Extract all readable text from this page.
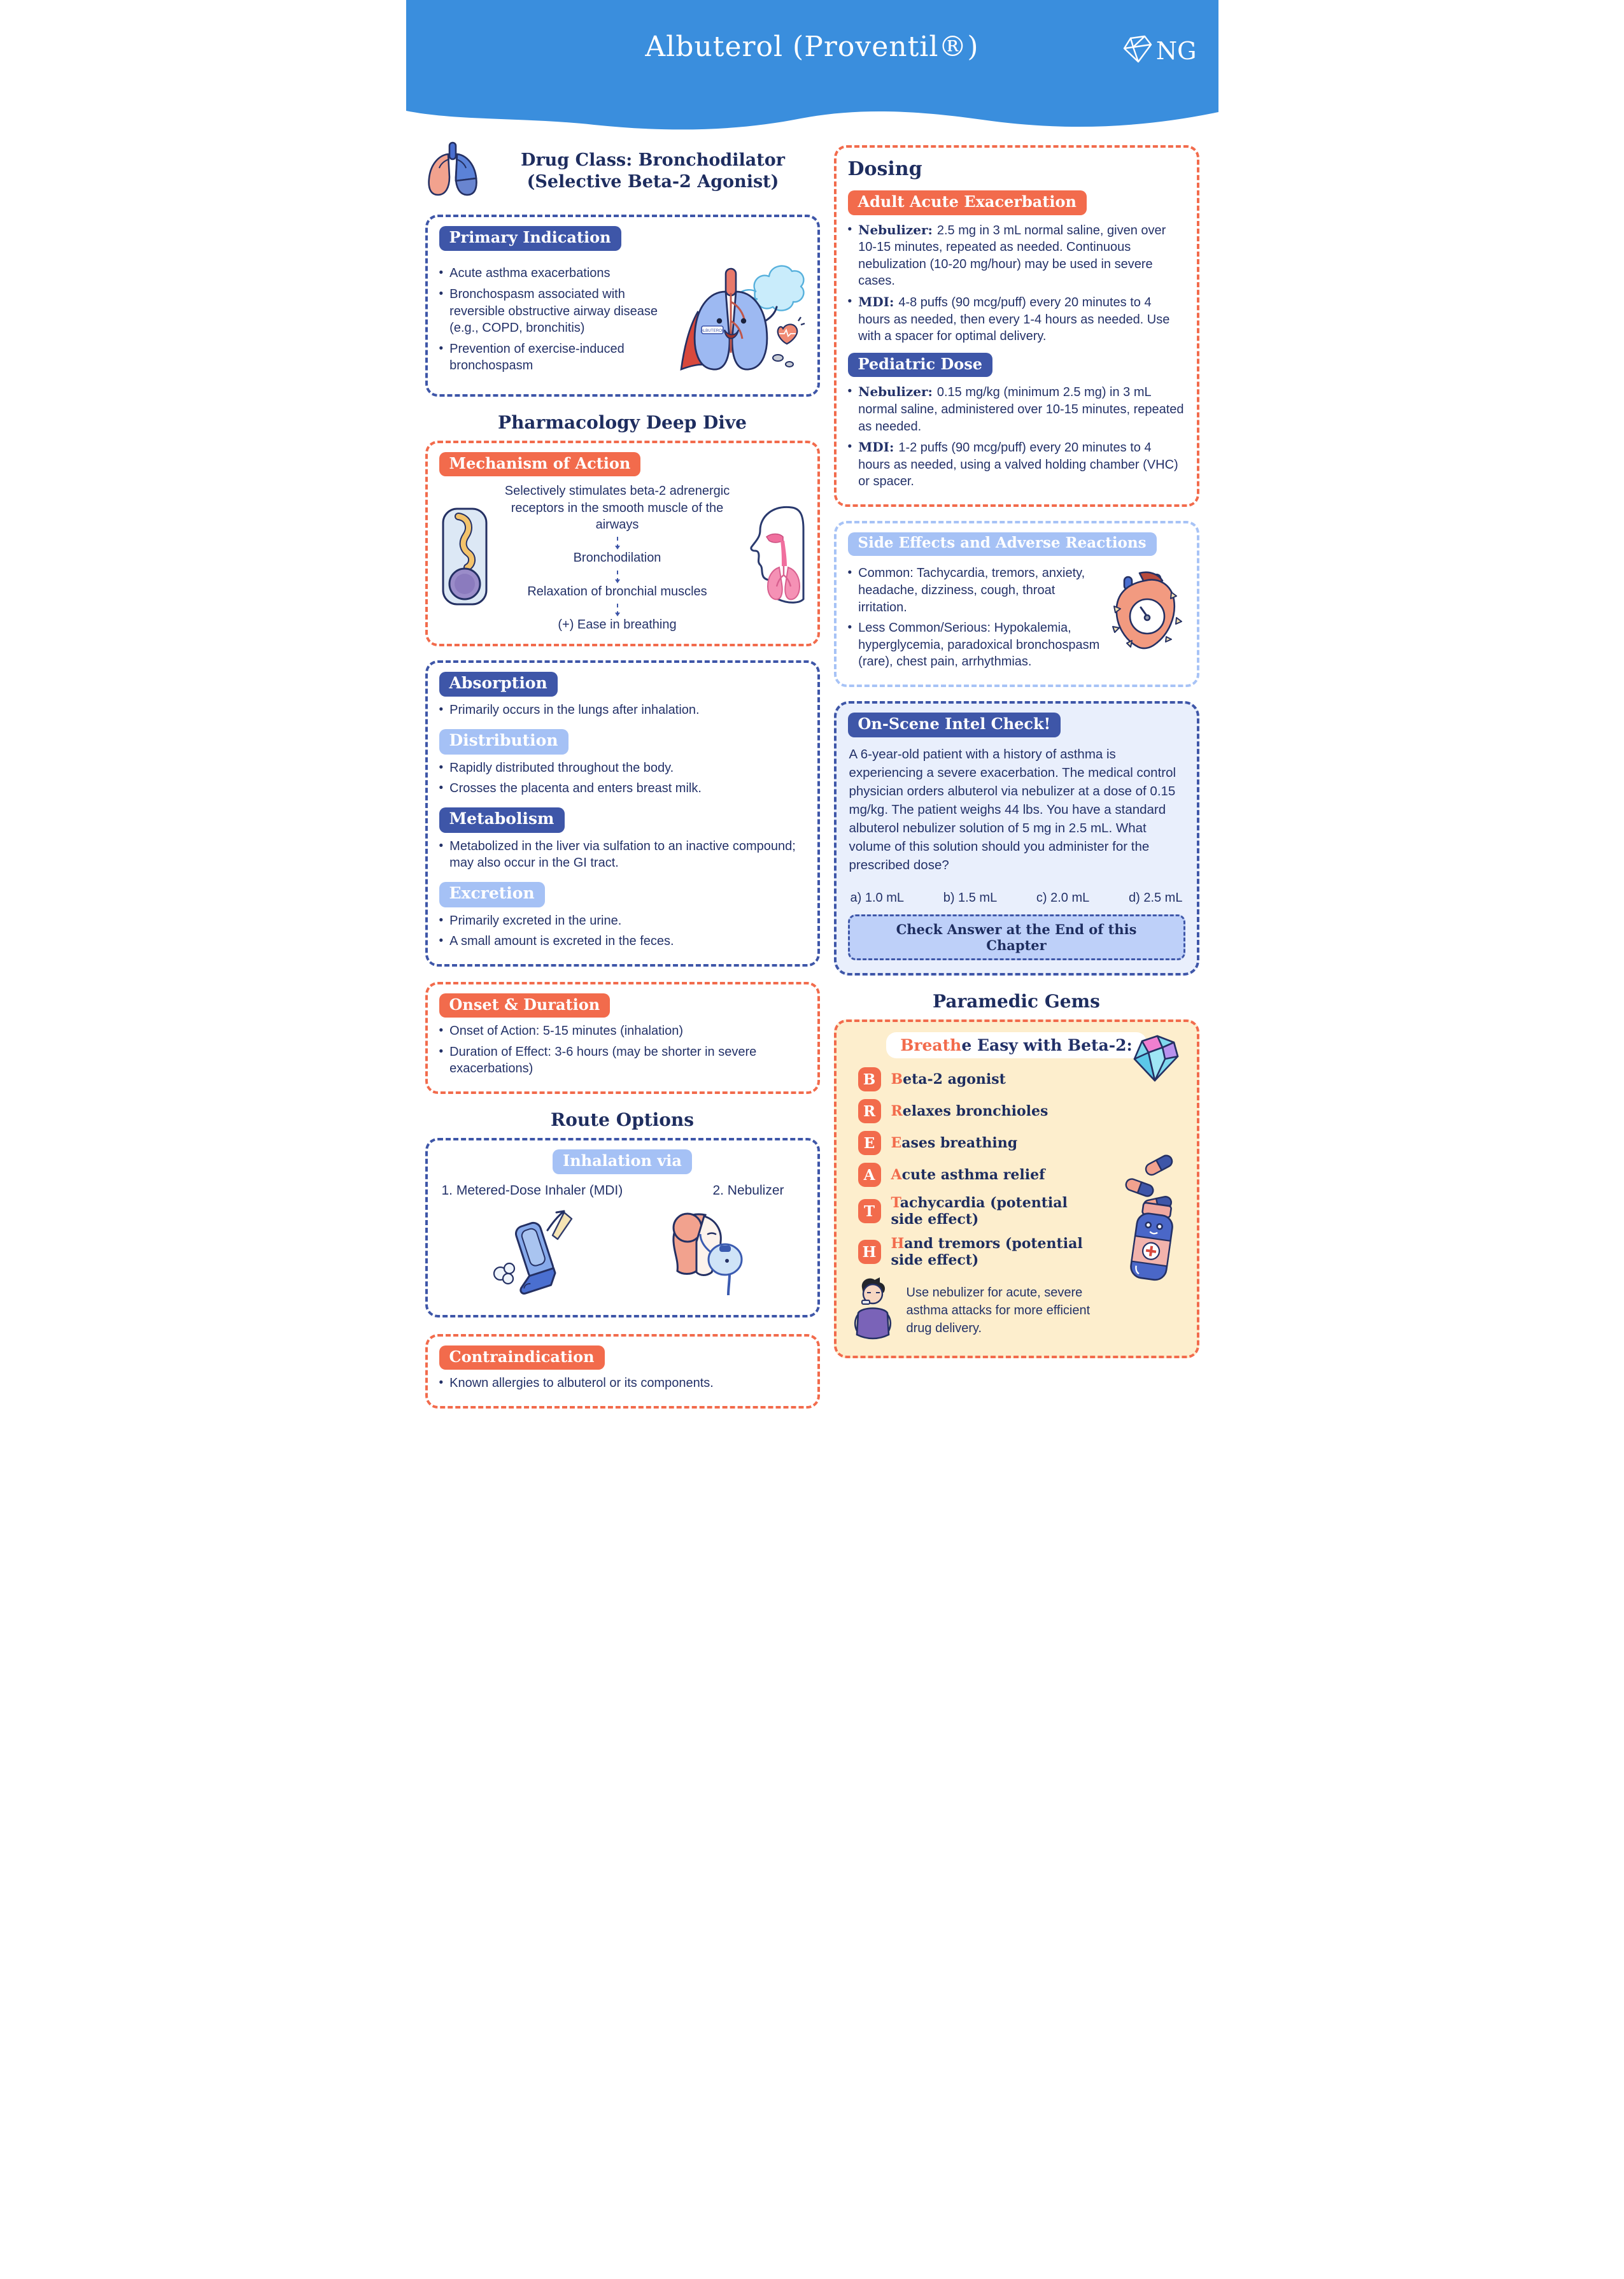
Albuterol (Proventil®)	NG
Drug Class: Bronchodilator
(Selective Beta-2 Agonist)
Primary Indication
• Acute asthma exacerbations
• Bronchospasm associated with reversible obstructive airway disease (e.g., COPD, bronchitis)
• Prevention of exercise-induced bronchospasm
ALBUTEROL
Pharmacology Deep Dive
Mechanism of Action
Selectively stimulates beta-2 adrenergic receptors in the smooth muscle of the airways
Bronchodilation
Relaxation of bronchial muscles
(+) Ease in breathing
Absorption
• Primarily occurs in the lungs after inhalation.
Distribution
• Rapidly distributed throughout the body.
• Crosses the placenta and enters breast milk.
Metabolism
• Metabolized in the liver via sulfation to an inactive compound; may also occur in the GI tract.
Excretion
• Primarily excreted in the urine.
• A small amount is excreted in the feces.
Onset & Duration
• Onset of Action: 5-15 minutes (inhalation)
• Duration of Effect: 3-6 hours (may be shorter in severe exacerbations)
Route Options
Inhalation via
1. Metered-Dose Inhaler (MDI)	2. Nebulizer
Contraindication
• Known allergies to albuterol or its components.
Dosing
Adult Acute Exacerbation
• Nebulizer: 2.5 mg in 3 mL normal saline, given over 10-15 minutes, repeated as needed. Continuous nebulization (10-20 mg/hour) may be used in severe cases.
• MDI: 4-8 puffs (90 mcg/puff) every 20 minutes to 4 hours as needed, then every 1-4 hours as needed. Use with a spacer for optimal delivery.
Pediatric Dose
• Nebulizer: 0.15 mg/kg (minimum 2.5 mg) in 3 mL normal saline, administered over 10-15 minutes, repeated as needed.
• MDI: 1-2 puffs (90 mcg/puff) every 20 minutes to 4 hours as needed, using a valved holding chamber (VHC) or spacer.
Side Effects and Adverse Reactions
• Common: Tachycardia, tremors, anxiety, headache, dizziness, cough, throat irritation.
• Less Common/Serious: Hypokalemia, hyperglycemia, paradoxical bronchospasm (rare), chest pain, arrhythmias.
On-Scene Intel Check!

A 6-year-old patient with a history of asthma is experiencing a severe exacerbation. The medical control physician orders albuterol via nebulizer at a dose of 0.15 mg/kg. The patient weighs 44 lbs. You have a standard albuterol nebulizer solution of 5 mg in 2.5 mL. What volume of this solution should you administer for the prescribed dose?

a) 1.0 mL	b) 1.5 mL	c) 2.0 mL	d) 2.5 mL
Check Answer at the End of this Chapter
Paramedic Gems
Breathe Easy with Beta-2:
B	Beta-2 agonist
R	Relaxes bronchioles
E	Eases breathing
A	Acute asthma relief
T	Tachycardia (potential side effect)
H	Hand tremors (potential side effect)
Use nebulizer for acute, severe asthma attacks for more efficient drug delivery.
